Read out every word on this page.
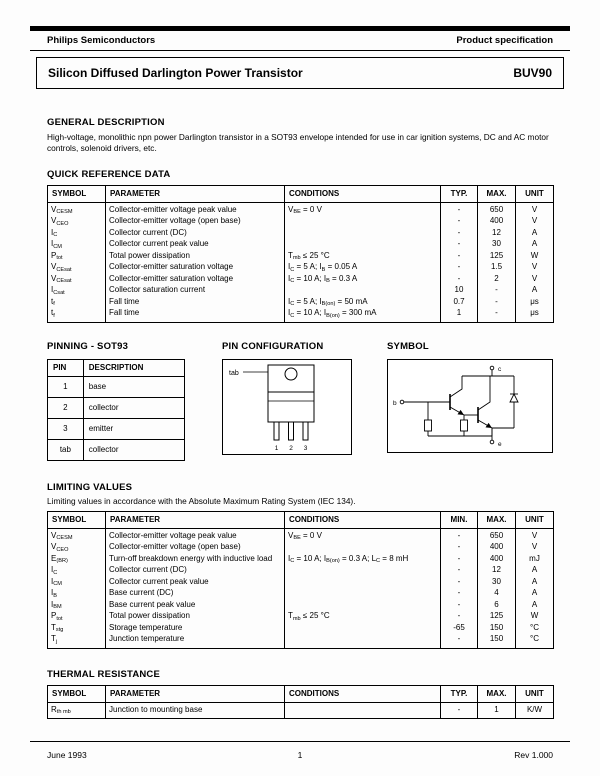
Philips Semiconductors	Product specification
Silicon Diffused Darlington Power Transistor	BUV90
GENERAL DESCRIPTION

High-voltage, monolithic npn power Darlington transistor in a SOT93 envelope intended for use in car ignition systems, DC and AC motor controls, solenoid drivers, etc.

QUICK REFERENCE DATA
SYMBOL	PARAMETER	CONDITIONS	TYP.	MAX.	UNIT
$V_{CESM}$	Collector-emitter voltage peak value	$V_{BE} = 0$ V	-	650	V
$V_{CEO}$	Collector-emitter voltage (open base)		-	400	V
$I_C$	Collector current (DC)		-	12	A
$I_{CM}$	Collector current peak value		-	30	A
$P_{tot}$	Total power dissipation	$T_{mb} \le 25$ °C	-	125	W
$V_{CEsat}$	Collector-emitter saturation voltage	$I_C = 5$ A; $I_B = 0.05$ A	-	1.5	V
$V_{CEsat}$	Collector-emitter saturation voltage	$I_C = 10$ A; $I_B = 0.3$ A	-	2	V
$I_{Csat}$	Collector saturation current		10	-	A
$t_f$	Fall time	$I_C = 5$ A; $I_{B(on)} = 50$ mA	0.7	-	μs
$t_f$	Fall time	$I_C = 10$ A; $I_{B(on)} = 300$ mA	1	-	μs
PINNING - SOT93
PIN	DESCRIPTION
1	base
2	collector
3	emitter
tab	collector
PIN CONFIGURATION
tab
1 2 3
SYMBOL
b
c
e
LIMITING VALUES

Limiting values in accordance with the Absolute Maximum Rating System (IEC 134).

SYMBOL	PARAMETER	CONDITIONS	MIN.	MAX.	UNIT
$V_{CESM}$	Collector-emitter voltage peak value	$V_{BE} = 0$ V	-	650	V
$V_{CEO}$	Collector-emitter voltage (open base)		-	400	V
$E_{(BR)}$	Turn-off breakdown energy with inductive load	$I_C = 10$ A; $I_{B(on)} = 0.3$ A; $L_C = 8$ mH	-	400	mJ
$I_C$	Collector current (DC)		-	12	A
$I_{CM}$	Collector current peak value		-	30	A
$I_B$	Base current (DC)		-	4	A
$I_{BM}$	Base current peak value		-	6	A
$P_{tot}$	Total power dissipation	$T_{mb} \le 25$ °C	-	125	W
$T_{stg}$	Storage temperature		-65	150	°C
$T_j$	Junction temperature		-	150	°C
THERMAL RESISTANCE
SYMBOL	PARAMETER	CONDITIONS	TYP.	MAX.	UNIT
$R_{th mb}$	Junction to mounting base		-	1	K/W
June 1993	1	Rev 1.000
